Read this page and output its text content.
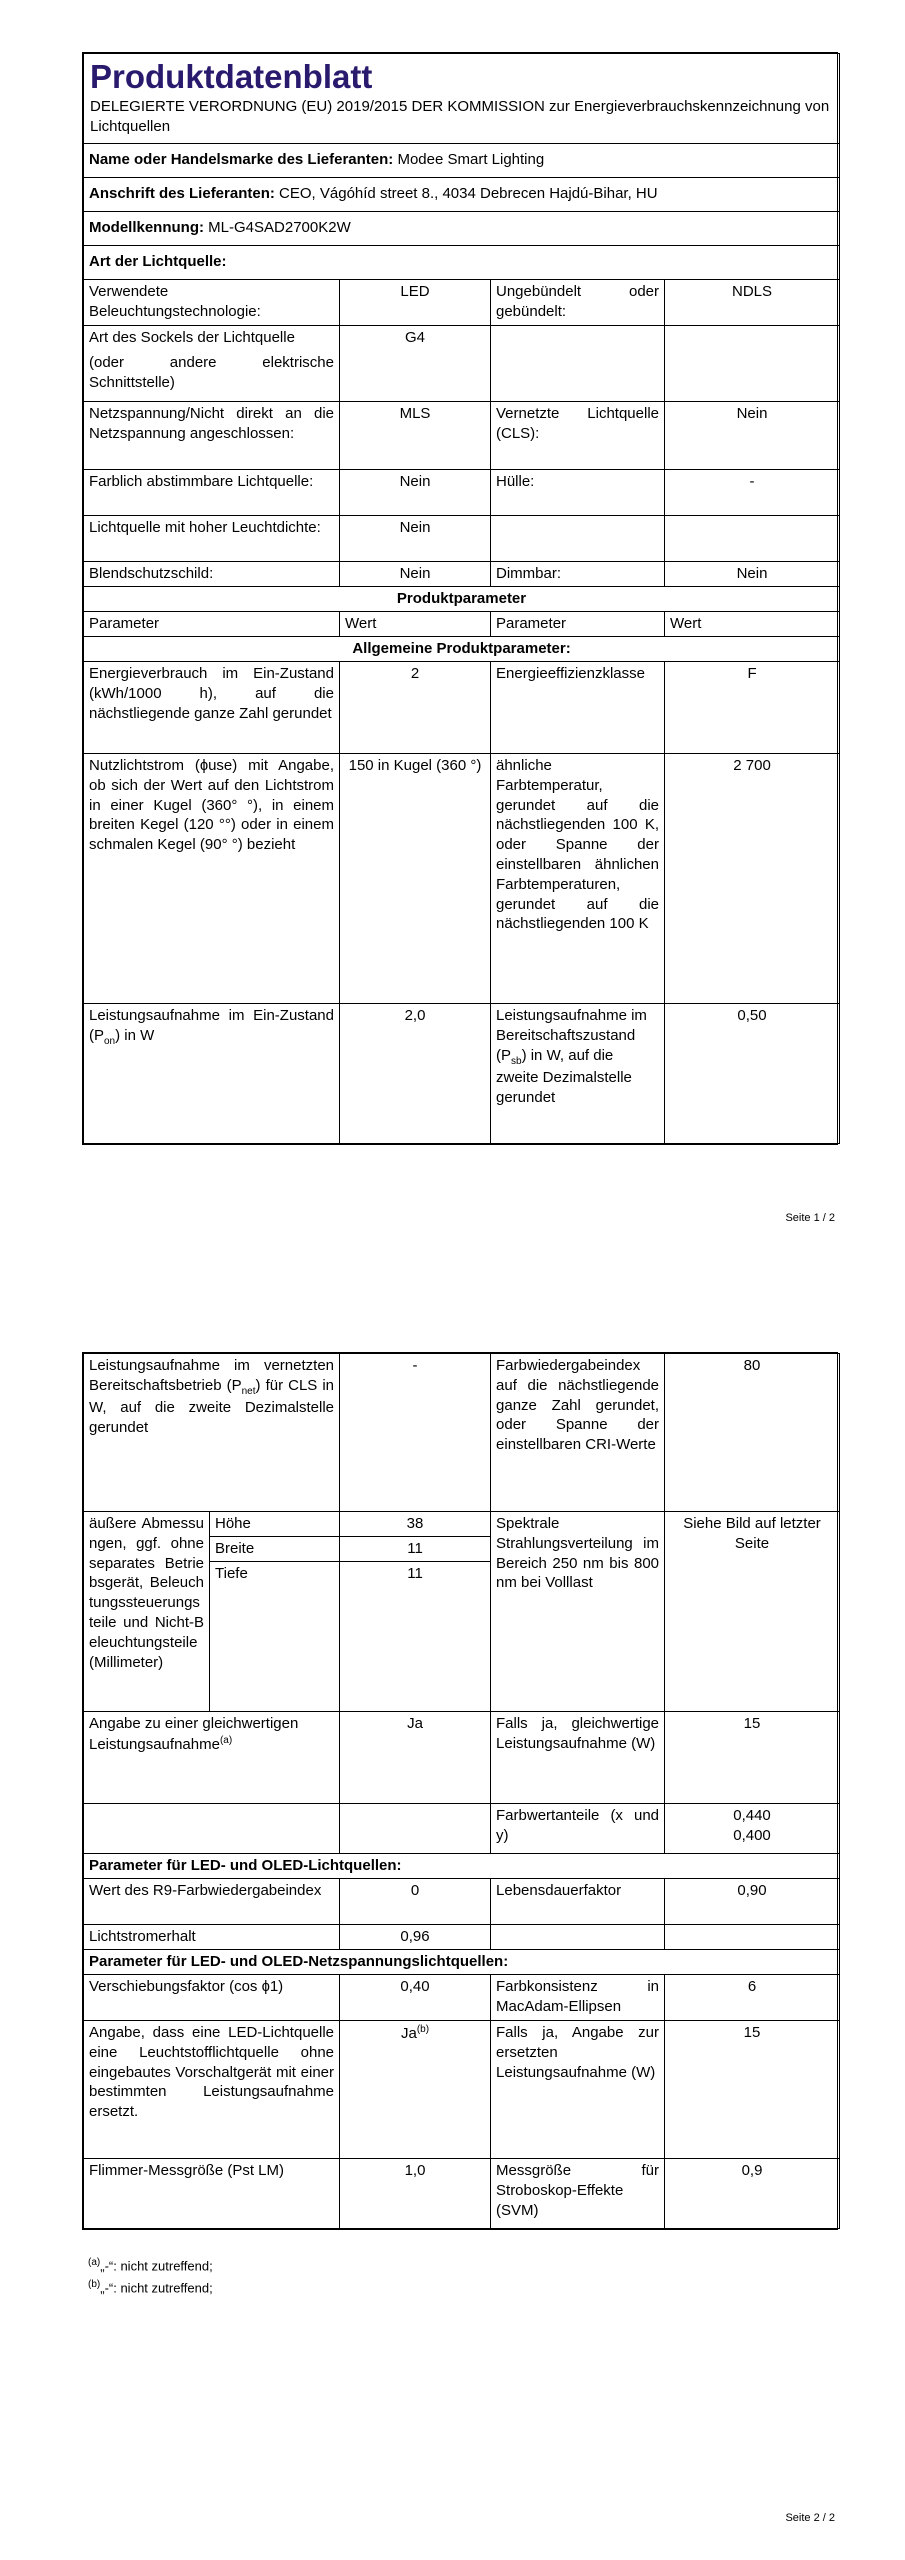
Produktdatenblatt
DELEGIERTE VERORDNUNG (EU) 2019/2015 DER KOMMISSION zur Energieverbrauchskennzeichnung von Lichtquellen			

Name oder Handelsmarke des Lieferanten: Modee Smart Lighting			
Anschrift des Lieferanten: CEO, Vágóhíd street 8., 4034 Debrecen Hajdú-Bihar, HU			
Modellkennung: ML-G4SAD2700K2W			
Art der Lichtquelle:			
Verwendete Beleuchtungstechnologie:	LED	Ungebündelt oder gebündelt:	NDLS

Art des Sockels der Lichtquelle
(oder andere elektrische Schnittstelle)	G4		
Netzspannung/Nicht direkt an die Netzspannung angeschlossen:	MLS	Vernetzte Lichtquelle (CLS):	Nein
Farblich abstimmbare Lichtquelle:	Nein	Hülle:	-
Lichtquelle mit hoher Leuchtdichte:	Nein		
Blendschutzschild:	Nein	Dimmbar:	Nein
Produktparameter			
Parameter	Wert	Parameter	Wert
Allgemeine Produktparameter:			
Energieverbrauch im Ein-Zustand (kWh/1000 h), auf die nächstliegende ganze Zahl gerundet	2	Energieeffizienzklasse	F
Nutzlichtstrom (ɸuse) mit Angabe, ob sich der Wert auf den Lichtstrom in einer Kugel (360° °), in einem breiten Kegel (120 °°) oder in einem schmalen Kegel (90° °) bezieht	150 in Kugel (360 °)	ähnliche Farbtemperatur, gerundet auf die nächstliegenden 100 K, oder Spanne der einstellbaren ähnlichen Farbtemperaturen, gerundet auf die nächstliegenden 100 K	2 700
Leistungsaufnahme im Ein-Zustand $(P_{on})$ in W	2,0	Leistungsaufnahme im Bereitschaftszustand $(P_{sb})$ in W, auf die zweite Dezimalstelle gerundet	0,50
Seite 1 / 2
Leistungsaufnahme im vernetzten Bereitschaftsbetrieb $(P_{net})$ für CLS in W, auf die zweite Dezimalstelle gerundet		-	Farbwiedergabeindex auf die nächstliegende ganze Zahl gerundet, oder Spanne der einstellbaren CRI-Werte	80
äußere Abmessungen, ggf. ohne separates Betriebsgerät, Beleuchtungssteuerungsteile und Nicht-Beleuchtungsteile (Millimeter)	Höhe	38	Spektrale Strahlungsverteilung im Bereich 250 nm bis 800 nm bei Volllast	Siehe Bild auf letzter Seite
	Breite	11		
	Tiefe	11		
Angabe zu einer gleichwertigen Leistungsaufnahme$^{(a)}$		Ja	Falls ja, gleichwertige Leistungsaufnahme (W)	15
			Farbwertanteile (x und y)	0,440
0,400

Parameter für LED- und OLED-Lichtquellen:				
Wert des R9-Farbwiedergabeindex		0	Lebensdauerfaktor	0,90
Lichtstromerhalt		0,96		
Parameter für LED- und OLED-Netzspannungslichtquellen:				
Verschiebungsfaktor (cos ɸ1)		0,40	Farbkonsistenz in MacAdam-Ellipsen	6
Angabe, dass eine LED-Lichtquelle eine Leuchtstofflichtquelle ohne eingebautes Vorschaltgerät mit einer bestimmten Leistungsaufnahme ersetzt.		Ja$^{(b)}$	Falls ja, Angabe zur ersetzten Leistungsaufnahme (W)	15
Flimmer-Messgröße (Pst LM)		1,0	Messgröße für Stroboskop-Effekte (SVM)	0,9
$^{(a)}$„-“: nicht zutreffend;
$^{(b)}$„-“: nicht zutreffend;
Seite 2 / 2
